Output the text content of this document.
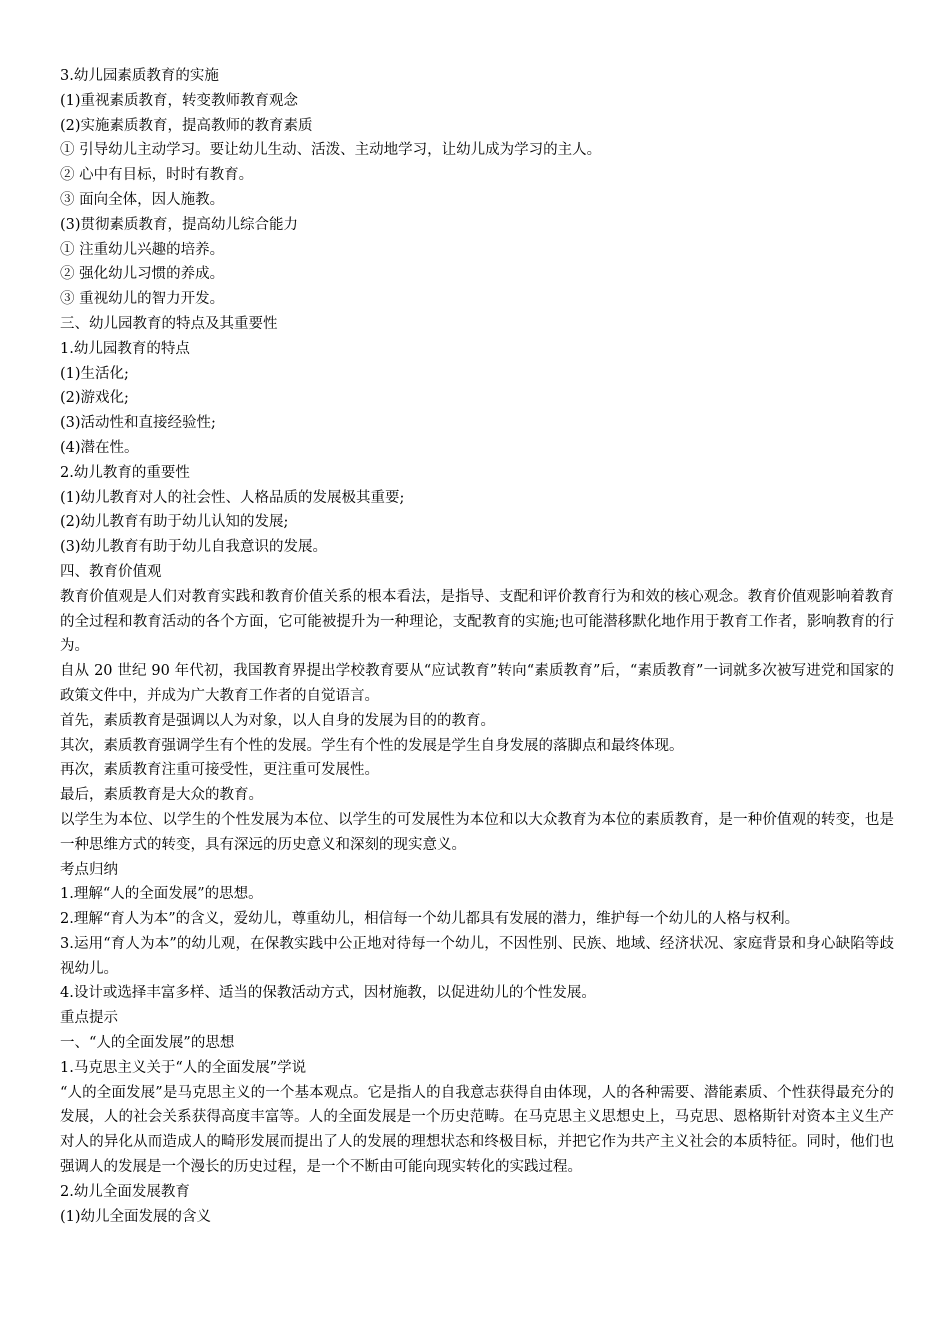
3.幼儿园素质教育的实施

(1)重视素质教育，转变教师教育观念

(2)实施素质教育，提高教师的教育素质

① 引导幼儿主动学习。要让幼儿生动、活泼、主动地学习，让幼儿成为学习的主人。

② 心中有目标，时时有教育。

③ 面向全体，因人施教。

(3)贯彻素质教育，提高幼儿综合能力

① 注重幼儿兴趣的培养。

② 强化幼儿习惯的养成。

③ 重视幼儿的智力开发。

三、幼儿园教育的特点及其重要性

1.幼儿园教育的特点

(1)生活化;

(2)游戏化;

(3)活动性和直接经验性;

(4)潜在性。

2.幼儿教育的重要性

(1)幼儿教育对人的社会性、人格品质的发展极其重要;

(2)幼儿教育有助于幼儿认知的发展;

(3)幼儿教育有助于幼儿自我意识的发展。

四、教育价值观

教育价值观是人们对教育实践和教育价值关系的根本看法，是指导、支配和评价教育行为和效的核心观念。教育价值观影响着教育的全过程和教育活动的各个方面，它可能被提升为一种理论，支配教育的实施;也可能潜移默化地作用于教育工作者，影响教育的行为。

自从 20 世纪 90 年代初，我国教育界提出学校教育要从“应试教育”转向“素质教育”后，“素质教育”一词就多次被写进党和国家的政策文件中，并成为广大教育工作者的自觉语言。

首先，素质教育是强调以人为对象，以人自身的发展为目的的教育。

其次，素质教育强调学生有个性的发展。学生有个性的发展是学生自身发展的落脚点和最终体现。

再次，素质教育注重可接受性，更注重可发展性。

最后，素质教育是大众的教育。

以学生为本位、以学生的个性发展为本位、以学生的可发展性为本位和以大众教育为本位的素质教育，是一种价值观的转变，也是一种思维方式的转变，具有深远的历史意义和深刻的现实意义。

考点归纳

1.理解“人的全面发展”的思想。

2.理解“育人为本”的含义，爱幼儿，尊重幼儿，相信每一个幼儿都具有发展的潜力，维护每一个幼儿的人格与权利。

3.运用“育人为本”的幼儿观，在保教实践中公正地对待每一个幼儿，不因性别、民族、地域、经济状况、家庭背景和身心缺陷等歧视幼儿。

4.设计或选择丰富多样、适当的保教活动方式，因材施教，以促进幼儿的个性发展。

重点提示

一、“人的全面发展”的思想

1.马克思主义关于“人的全面发展”学说

“人的全面发展”是马克思主义的一个基本观点。它是指人的自我意志获得自由体现，人的各种需要、潜能素质、个性获得最充分的发展，人的社会关系获得高度丰富等。人的全面发展是一个历史范畴。在马克思主义思想史上，马克思、恩格斯针对资本主义生产对人的异化从而造成人的畸形发展而提出了人的发展的理想状态和终极目标，并把它作为共产主义社会的本质特征。同时，他们也强调人的发展是一个漫长的历史过程，是一个不断由可能向现实转化的实践过程。

2.幼儿全面发展教育

(1)幼儿全面发展的含义
